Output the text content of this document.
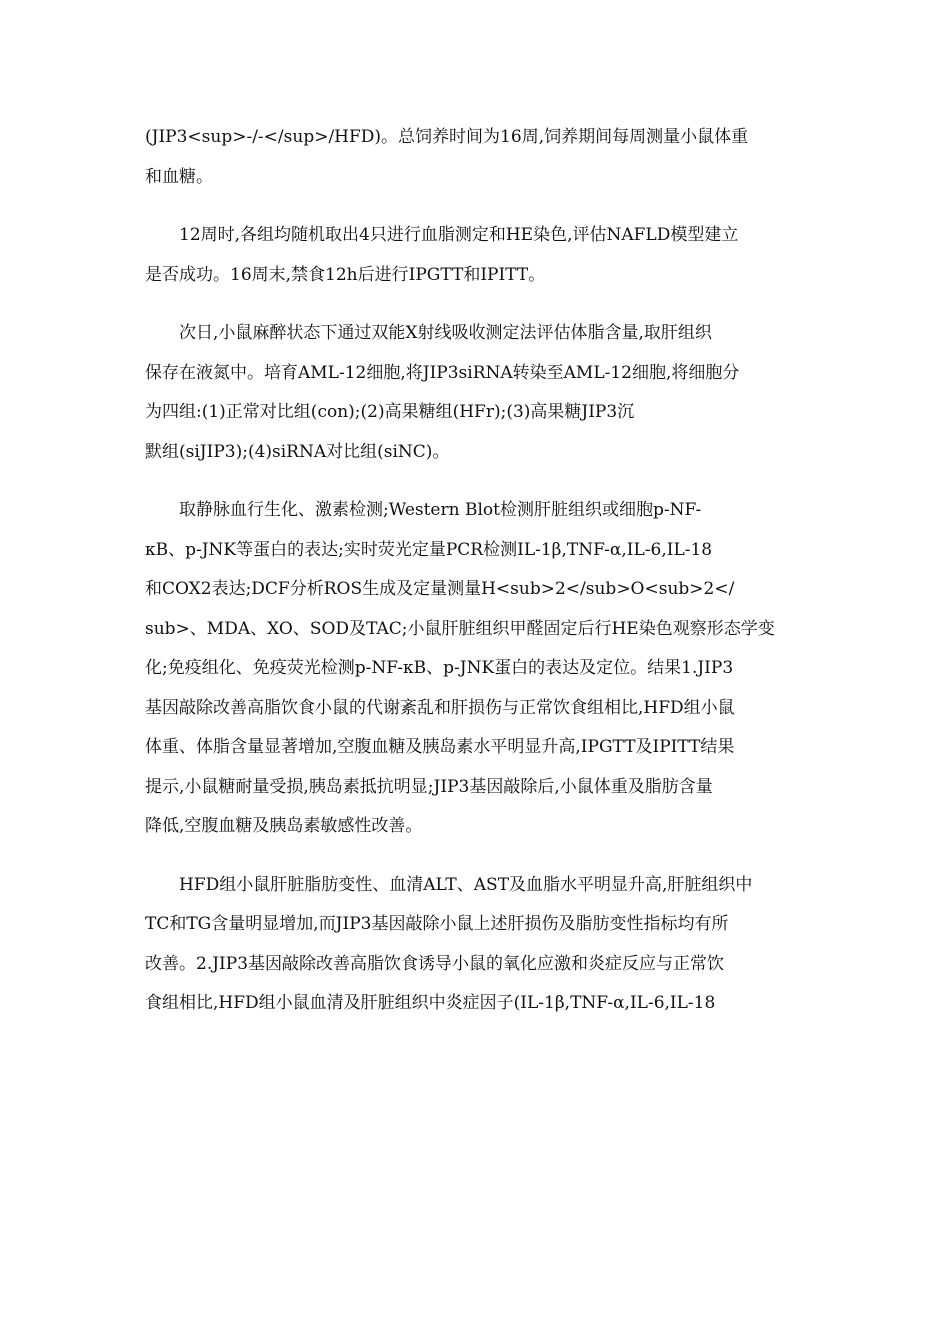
(JIP3<sup>-/-</sup>/HFD)。总饲养时间为16周,饲养期间每周测量小鼠体重
和血糖。

12周时,各组均随机取出4只进行血脂测定和HE染色,评估NAFLD模型建立
是否成功。16周末,禁食12h后进行IPGTT和IPITT。

次日,小鼠麻醉状态下通过双能X射线吸收测定法评估体脂含量,取肝组织
保存在液氮中。培育AML-12细胞,将JIP3siRNA转染至AML-12细胞,将细胞分
为四组:(1)正常对比组(con);(2)高果糖组(HFr);(3)高果糖JIP3沉
默组(siJIP3);(4)siRNA对比组(siNC)。

取静脉血行生化、激素检测;Western Blot检测肝脏组织或细胞p-NF-
κB、p-JNK等蛋白的表达;实时荧光定量PCR检测IL-1β,TNF-α,IL-6,IL-18
和COX2表达;DCF分析ROS生成及定量测量H<sub>2</sub>O<sub>2</
sub>、MDA、XO、SOD及TAC;小鼠肝脏组织甲醛固定后行HE染色观察形态学变
化;免疫组化、免疫荧光检测p-NF-κB、p-JNK蛋白的表达及定位。结果1.JIP3
基因敲除改善高脂饮食小鼠的代谢紊乱和肝损伤与正常饮食组相比,HFD组小鼠
体重、体脂含量显著增加,空腹血糖及胰岛素水平明显升高,IPGTT及IPITT结果
提示,小鼠糖耐量受损,胰岛素抵抗明显;JIP3基因敲除后,小鼠体重及脂肪含量
降低,空腹血糖及胰岛素敏感性改善。

HFD组小鼠肝脏脂肪变性、血清ALT、AST及血脂水平明显升高,肝脏组织中
TC和TG含量明显增加,而JIP3基因敲除小鼠上述肝损伤及脂肪变性指标均有所
改善。2.JIP3基因敲除改善高脂饮食诱导小鼠的氧化应激和炎症反应与正常饮
食组相比,HFD组小鼠血清及肝脏组织中炎症因子(IL-1β,TNF-α,IL-6,IL-18
